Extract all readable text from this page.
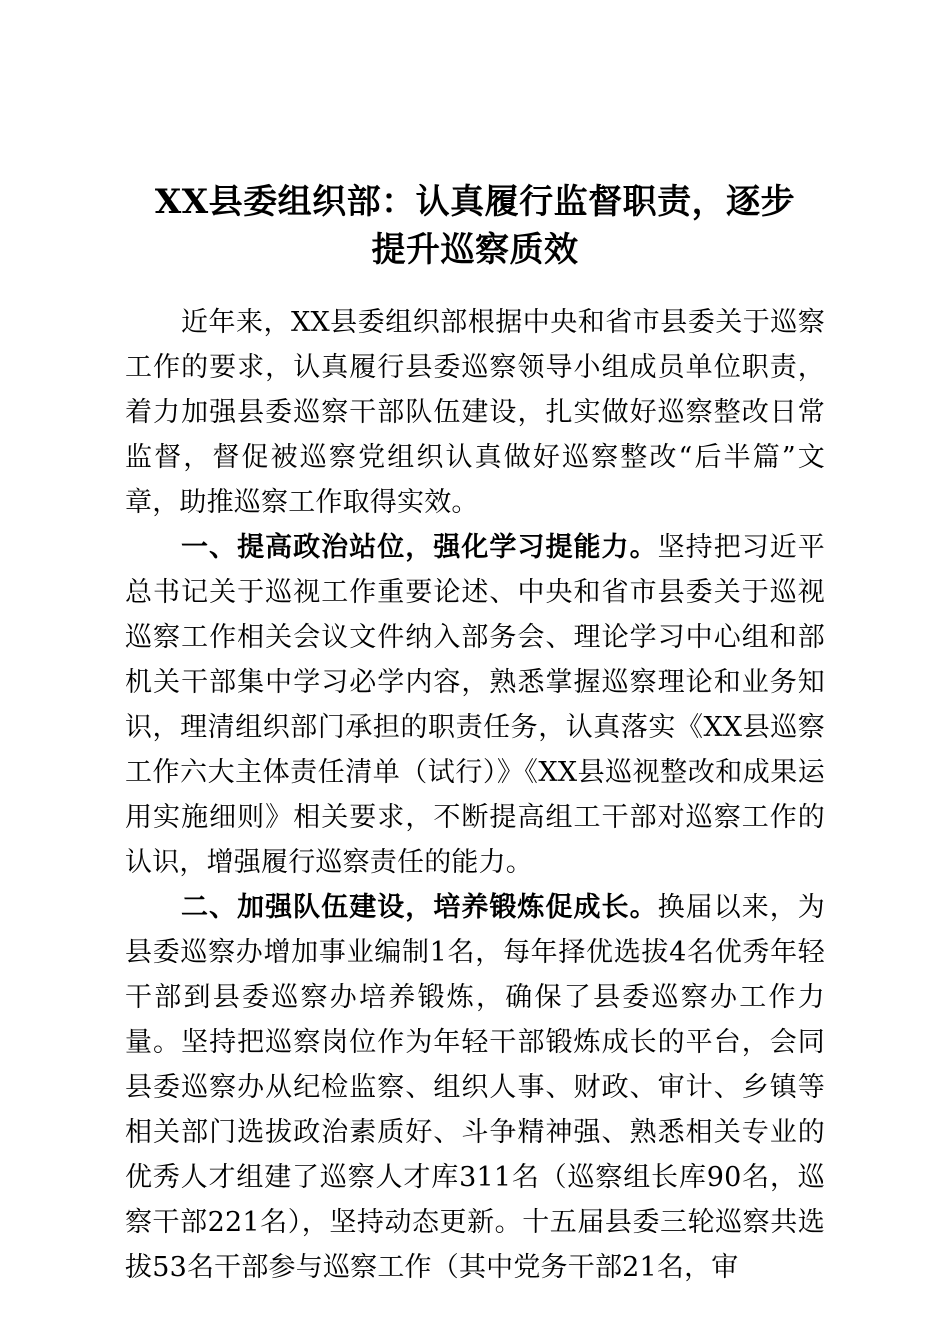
XX县委组织部：认真履行监督职责，逐步
提升巡察质效

近年来，XX县委组织部根据中央和省市县委关于巡察工作的要求，认真履行县委巡察领导小组成员单位职责，着力加强县委巡察干部队伍建设，扎实做好巡察整改日常监督，督促被巡察党组织认真做好巡察整改“后半篇”文章，助推巡察工作取得实效。

一、提高政治站位，强化学习提能力。坚持把习近平总书记关于巡视工作重要论述、中央和省市县委关于巡视巡察工作相关会议文件纳入部务会、理论学习中心组和部机关干部集中学习必学内容，熟悉掌握巡察理论和业务知识，理清组织部门承担的职责任务，认真落实《XX县巡察工作六大主体责任清单（试行）》《XX县巡视整改和成果运用实施细则》相关要求，不断提高组工干部对巡察工作的认识，增强履行巡察责任的能力。

二、加强队伍建设，培养锻炼促成长。换届以来，为县委巡察办增加事业编制1名，每年择优选拔4名优秀年轻干部到县委巡察办培养锻炼，确保了县委巡察办工作力量。坚持把巡察岗位作为年轻干部锻炼成长的平台，会同县委巡察办从纪检监察、组织人事、财政、审计、乡镇等相关部门选拔政治素质好、斗争精神强、熟悉相关专业的优秀人才组建了巡察人才库311名（巡察组长库90名，巡察干部221名），坚持动态更新。十五届县委三轮巡察共选拔53名干部参与巡察工作（其中党务干部21名，审
